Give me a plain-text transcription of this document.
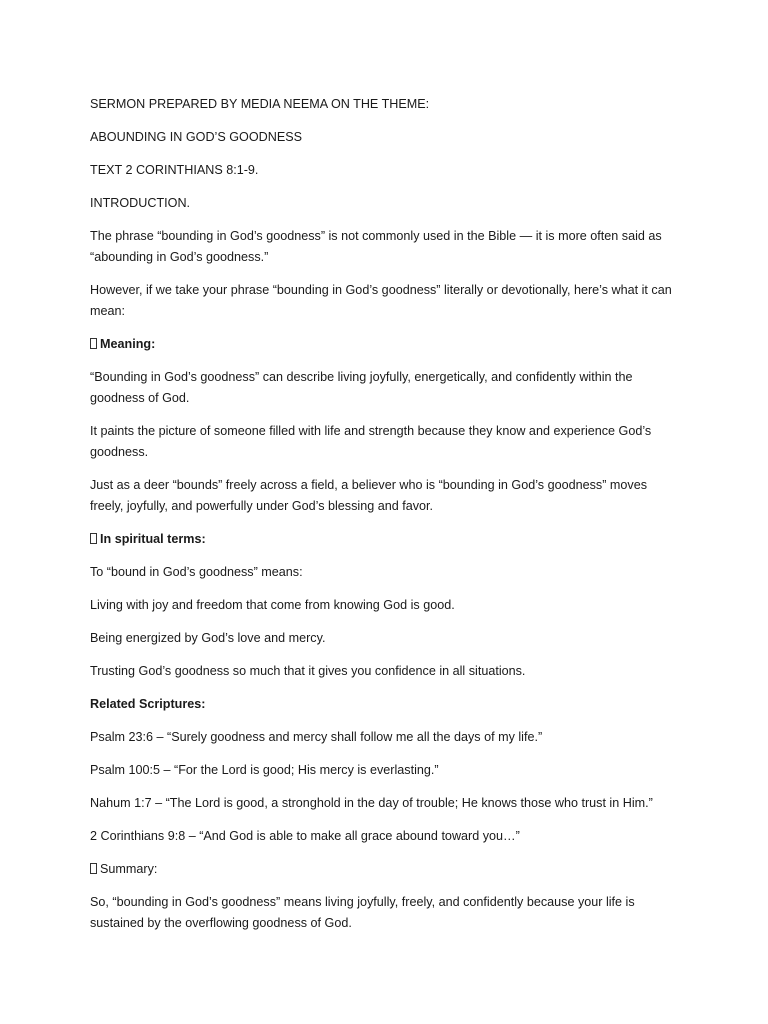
SERMON PREPARED BY MEDIA NEEMA ON THE THEME:

ABOUNDING IN GOD’S GOODNESS

TEXT 2 CORINTHIANS 8:1-9.

INTRODUCTION.

The phrase “bounding in God’s goodness” is not commonly used in the Bible — it is more often said as “abounding in God’s goodness.”

However, if we take your phrase “bounding in God’s goodness” literally or devotionally, here’s what it can mean:

Meaning:

“Bounding in God’s goodness” can describe living joyfully, energetically, and confidently within the goodness of God.

It paints the picture of someone filled with life and strength because they know and experience God’s goodness.

Just as a deer “bounds” freely across a field, a believer who is “bounding in God’s goodness” moves freely, joyfully, and powerfully under God’s blessing and favor.

In spiritual terms:

To “bound in God’s goodness” means:

Living with joy and freedom that come from knowing God is good.

Being energized by God’s love and mercy.

Trusting God’s goodness so much that it gives you confidence in all situations.

Related Scriptures:

Psalm 23:6 – “Surely goodness and mercy shall follow me all the days of my life.”

Psalm 100:5 – “For the Lord is good; His mercy is everlasting.”

Nahum 1:7 – “The Lord is good, a stronghold in the day of trouble; He knows those who trust in Him.”

2 Corinthians 9:8 – “And God is able to make all grace abound toward you…”

Summary:

So, “bounding in God’s goodness” means living joyfully, freely, and confidently because your life is sustained by the overflowing goodness of God.
